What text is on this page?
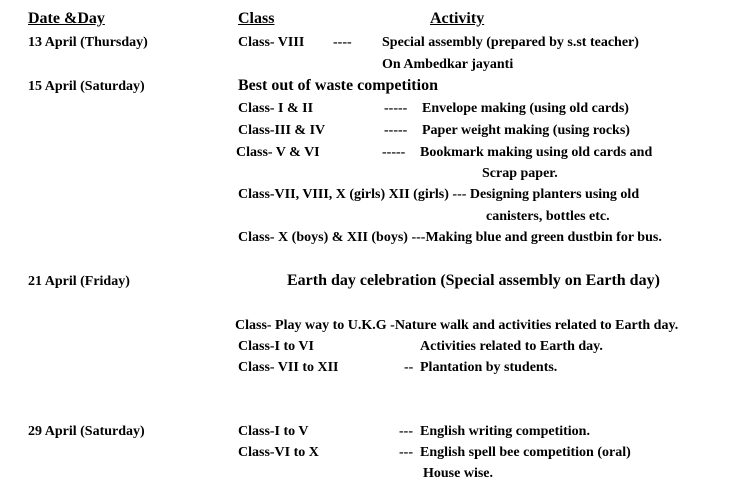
Date &Day	Class	Activity
13 April (Thursday)	Class- VIII ---- Special assembly (prepared by s.st teacher)
On Ambedkar jayanti
15 April (Saturday)	Best out of waste competition
Class- I & II	----- Envelope making (using old cards)
Class-III & IV	----- Paper weight making (using rocks)
Class- V & VI	----- Bookmark making using old cards and
Scrap paper.
Class-VII, VIII, X (girls) XII (girls) --- Designing planters using old
canisters, bottles etc.
Class- X (boys) & XII (boys) ---Making blue and green dustbin for bus.
21 April (Friday)	Earth day celebration (Special assembly on Earth day)
Class- Play way to U.K.G -Nature walk and activities related to Earth day.
Class-I to VI	Activities related to Earth day.
Class- VII to XII	-- Plantation by students.
29 April (Saturday)	Class-I to V	--- English writing competition.
Class-VI to X	--- English spell bee competition (oral)
House wise.
